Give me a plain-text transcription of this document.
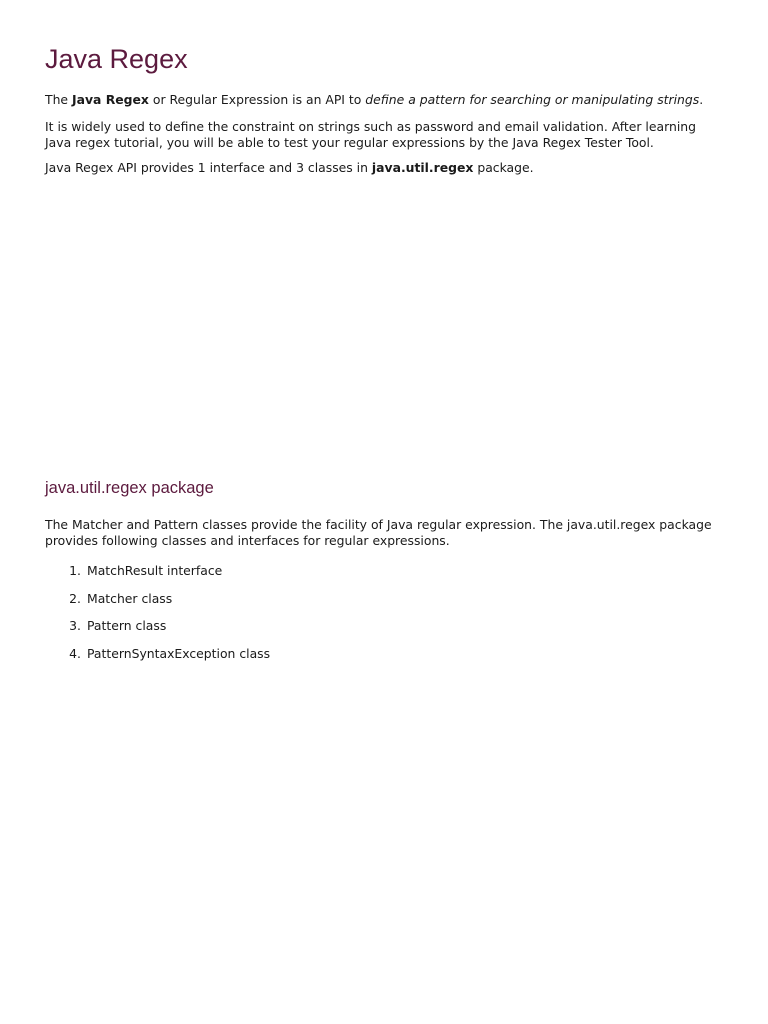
Java Regex

The Java Regex or Regular Expression is an API to define a pattern for searching or manipulating strings.

It is widely used to define the constraint on strings such as password and email validation. After learning Java regex tutorial, you will be able to test your regular expressions by the Java Regex Tester Tool.

Java Regex API provides 1 interface and 3 classes in java.util.regex package.

java.util.regex package

The Matcher and Pattern classes provide the facility of Java regular expression. The java.util.regex package provides following classes and interfaces for regular expressions.

1. MatchResult interface
2. Matcher class
3. Pattern class
4. PatternSyntaxException class
